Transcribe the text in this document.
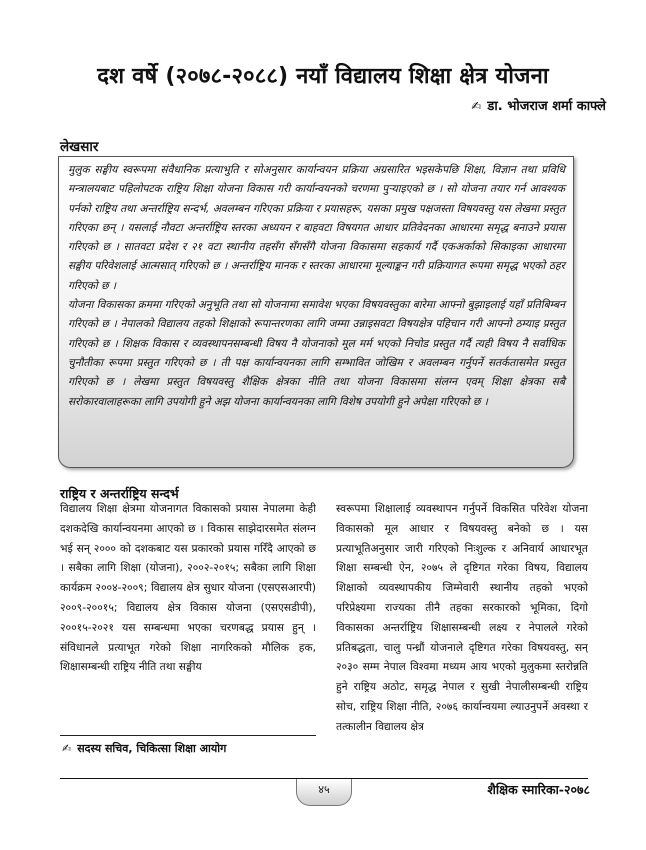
दश वर्षे (२०७८-२०८८) नयाँ विद्यालय शिक्षा क्षेत्र योजना
✍ डा. भोजराज शर्मा काफ्ले
लेखसार

मुलुक सङ्घीय स्वरूपमा संवैधानिक प्रत्याभुति र सोअनुसार कार्यान्वयन प्रक्रिया अग्रसारित भइसकेपछि शिक्षा, विज्ञान तथा प्रविधि मन्त्रालयबाट पहिलोपटक राष्ट्रिय शिक्षा योजना विकास गरी कार्यान्वयनको चरणमा पुऱ्याइएको छ । सो योजना तयार गर्न आवश्यक पर्नको राष्ट्रिय तथा अन्तर्राष्ट्रिय सन्दर्भ, अवलम्बन गरिएका प्रक्रिया र प्रयासहरू, यसका प्रमुख पक्षजस्ता विषयवस्तु यस लेखमा प्रस्तुत गरिएका छन् । यसलाई नौवटा अन्तर्राष्ट्रिय स्तरका अध्ययन र बाहवटा विषयगत आधार प्रतिवेदनका आधारमा समृद्ध बनाउने प्रयास गरिएको छ । सातवटा प्रदेश र २१ वटा स्थानीय तहसँग सँगसँगै योजना विकासमा सहकार्य गर्दै एकअर्काको सिकाइका आधारमा सङ्घीय परिवेशलाई आत्मसात् गरिएको छ । अन्तर्राष्ट्रिय मानक र स्तरका आधारमा मूल्याङ्कन गरी प्रक्रियागत रूपमा समृद्ध भएको ठहर गरिएको छ ।

योजना विकासका क्रममा गरिएको अनुभूति तथा सो योजनामा समावेश भएका विषयवस्तुका बारेमा आफ्नो बुझाइलाई यहाँ प्रतिबिम्बन गरिएको छ । नेपालको विद्यालय तहको शिक्षाको रूपान्तरणका लागि जम्मा उन्नाइसवटा विषयक्षेत्र पहिचान गरी आफ्नो ठम्याइ प्रस्तुत गरिएको छ । शिक्षक विकास र व्यवस्थापनसम्बन्धी विषय नै योजनाको मूल मर्म भएको निचोड प्रस्तुत गर्दै त्यही विषय नै सर्वाधिक चुनौतीका रूपमा प्रस्तुत गरिएको छ । ती पक्ष कार्यान्वयनका लागि सम्भावित जोखिम र अवलम्बन गर्नुपर्ने सतर्कतासमेत प्रस्तुत गरिएको छ । लेखमा प्रस्तुत विषयवस्तु शैक्षिक क्षेत्रका नीति तथा योजना विकासमा संलग्न एवम् शिक्षा क्षेत्रका सबै सरोकारवालाहरूका लागि उपयोगी हुने अझ योजना कार्यान्वयनका लागि विशेष उपयोगी हुने अपेक्षा गरिएको छ ।

राष्ट्रिय र अन्तर्राष्ट्रिय सन्दर्भ

विद्यालय शिक्षा क्षेत्रमा योजनागत विकासको प्रयास नेपालमा केही दशकदेखि कार्यान्वयनमा आएको छ । विकास साझेदारसमेत संलग्न भई सन् २००० को दशकबाट यस प्रकारको प्रयास गरिँदै आएको छ । सबैका लागि शिक्षा (योजना), २००२-२०१५; सबैका लागि शिक्षा कार्यक्रम २००४-२००९; विद्यालय क्षेत्र सुधार योजना (एसएसआरपी) २००९-२००१५; विद्यालय क्षेत्र विकास योजना (एसएसडीपी), २००१५-२०२१ यस सम्बन्धमा भएका चरणबद्ध प्रयास हुन् । संविधानले प्रत्याभूत गरेको शिक्षा नागरिकको मौलिक हक, शिक्षासम्बन्धी राष्ट्रिय नीति तथा सङ्घीय

स्वरूपमा शिक्षालाई व्यवस्थापन गर्नुपर्ने विकसित परिवेश योजना विकासको मूल आधार र विषयवस्तु बनेको छ । यस प्रत्याभूतिअनुसार जारी गरिएको निःशुल्क र अनिवार्य आधारभूत शिक्षा सम्बन्धी ऐन, २०७५ ले दृष्टिगत गरेका विषय, विद्यालय शिक्षाको व्यवस्थापकीय जिम्मेवारी स्थानीय तहको भएको परिप्रेक्ष्यमा राज्यका तीनै तहका सरकारको भूमिका, दिगो विकासका अन्तर्राष्ट्रिय शिक्षासम्बन्धी लक्ष्य र नेपालले गरेको प्रतिबद्धता, चालु पन्ध्रौं योजनाले दृष्टिगत गरेका विषयवस्तु, सन् २०३० सम्म नेपाल विश्वमा मध्यम आय भएको मुलुकमा स्तरोन्नति हुने राष्ट्रिय अठोट, समृद्ध नेपाल र सुखी नेपालीसम्बन्धी राष्ट्रिय सोच, राष्ट्रिय शिक्षा नीति, २०७६ कार्यान्वयमा ल्याउनुपर्ने अवस्था र तत्कालीन विद्यालय क्षेत्र

✍ सदस्य सचिव, चिकित्सा शिक्षा आयोग
४५	शैक्षिक स्मारिका-२०७८
